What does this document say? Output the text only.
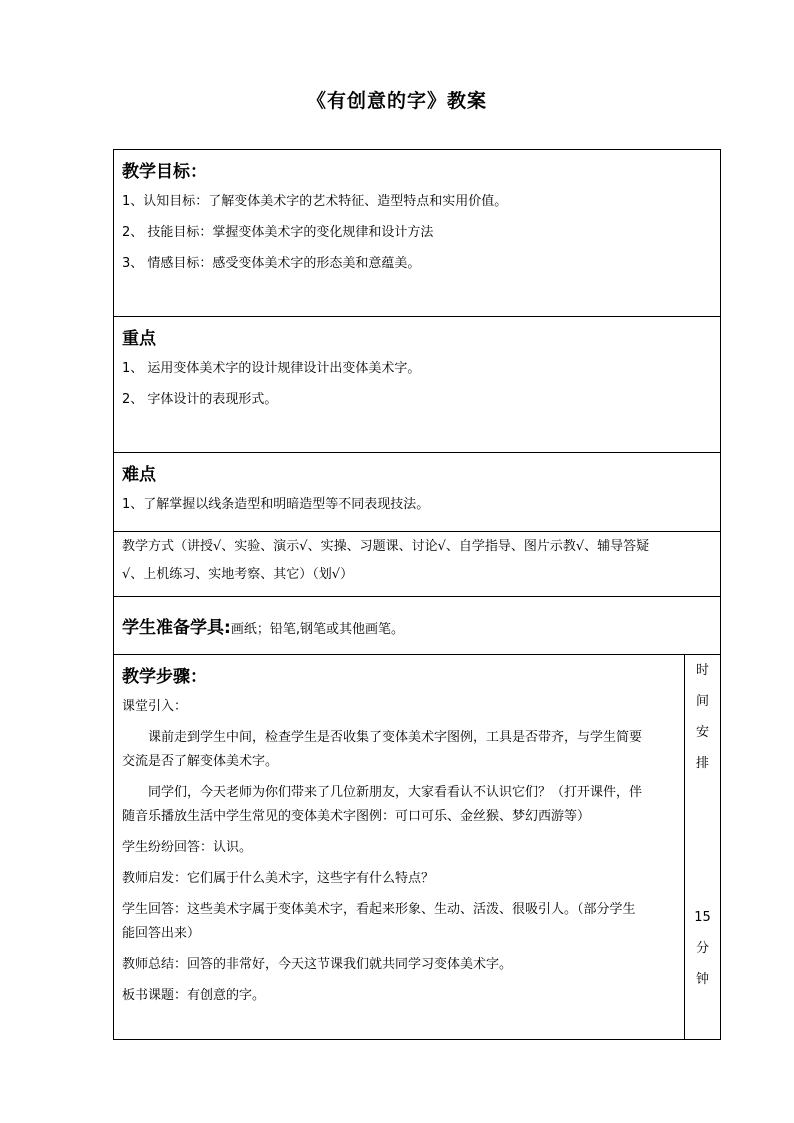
《有创意的字》教案
教学目标：
1、认知目标：了解变体美术字的艺术特征、造型特点和实用价值。
2、 技能目标：掌握变体美术字的变化规律和设计方法
3、 情感目标：感受变体美术字的形态美和意蕴美。

重点
1、 运用变体美术字的设计规律设计出变体美术字。
2、 字体设计的表现形式。

难点
1、了解掌握以线条造型和明暗造型等不同表现技法。

教学方式（讲授√、实验、演示√、实操、习题课、讨论√、自学指导、图片示教√、辅导答疑
√、上机练习、实地考察、其它）（划√）

学生准备学具:画纸；铅笔,钢笔或其他画笔。

教学步骤：
课堂引入：
课前走到学生中间，检查学生是否收集了变体美术字图例，工具是否带齐，与学生简要
交流是否了解变体美术字。
同学们，今天老师为你们带来了几位新朋友，大家看看认不认识它们？（打开课件，伴
随音乐播放生活中学生常见的变体美术字图例：可口可乐、金丝猴、梦幻西游等）
学生纷纷回答：认识。
教师启发：它们属于什么美术字，这些字有什么特点？
学生回答：这些美术字属于变体美术字，看起来形象、生动、活泼、很吸引人。（部分学生
能回答出来）
教师总结：回答的非常好，今天这节课我们就共同学习变体美术字。
板书课题：有创意的字。

时
间
安
排
15
分
钟
